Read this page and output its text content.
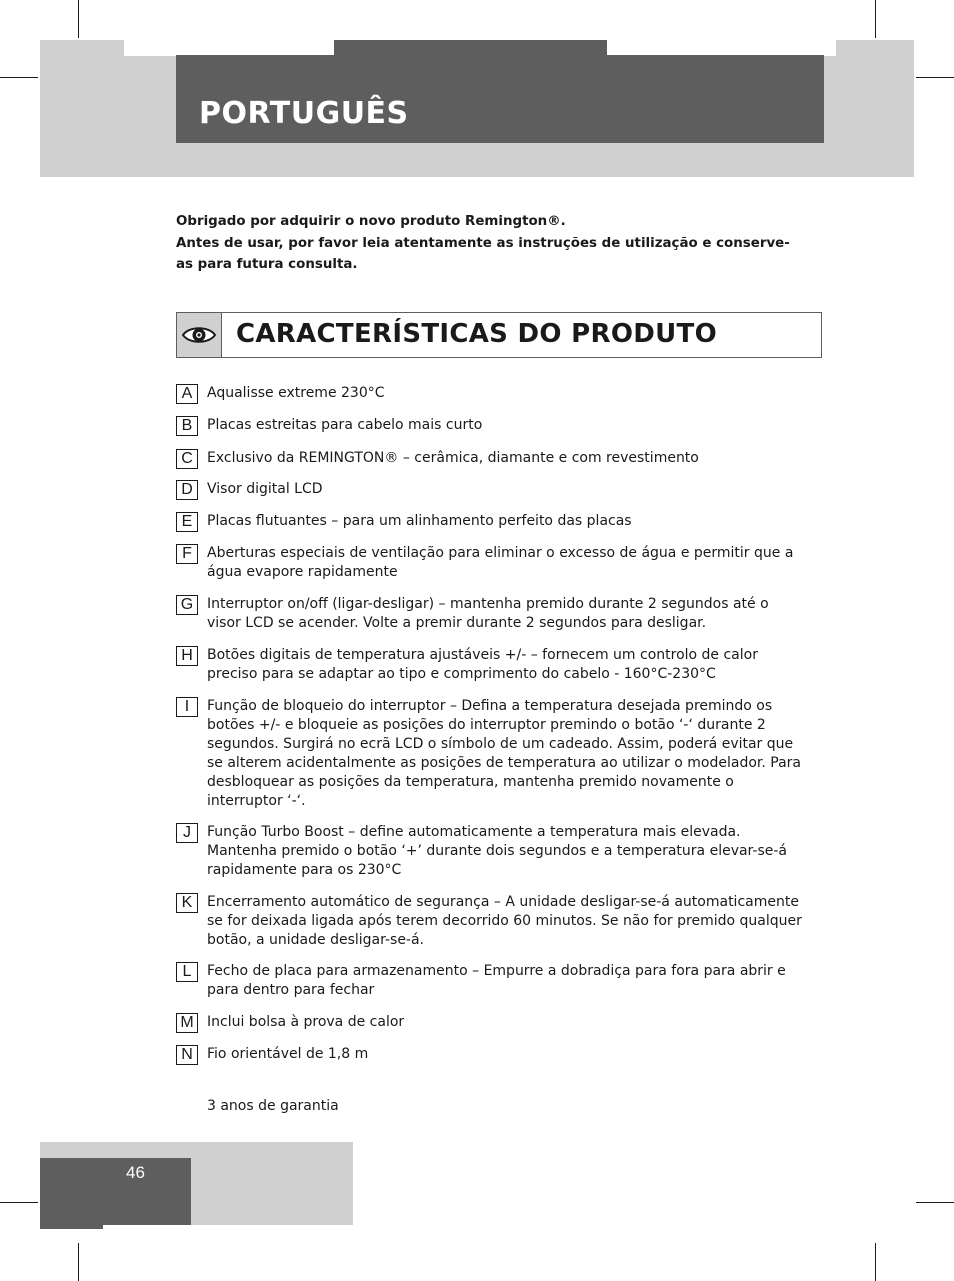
PORTUGUÊS

Obrigado por adquirir o novo produto Remington®.

Antes de usar, por favor leia atentamente as instruções de utilização e conserve-as para futura consulta.

CARACTERÍSTICAS DO PRODUTO
A	Aqualisse extreme 230°C
B	Placas estreitas para cabelo mais curto
C	Exclusivo da REMINGTON® – cerâmica, diamante e com revestimento
D	Visor digital LCD
E	Placas flutuantes – para um alinhamento perfeito das placas
F	Aberturas especiais de ventilação para eliminar o excesso de água e permitir que a água evapore rapidamente
G Interruptor on/off (ligar-desligar) – mantenha premido durante 2 segundos até o visor LCD se acender. Volte a premir durante 2 segundos para desligar.
H	Botões digitais de temperatura ajustáveis +/- – fornecem um controlo de calor preciso para se adaptar ao tipo e comprimento do cabelo - 160°C-230°C
I	Função de bloqueio do interruptor – Defina a temperatura desejada premindo os botões +/- e bloqueie as posições do interruptor premindo o botão ‘-‘ durante 2 segundos. Surgirá no ecrã LCD o símbolo de um cadeado. Assim, poderá evitar que se alterem acidentalmente as posições de temperatura ao utilizar o modelador. Para desbloquear as posições da temperatura, mantenha premido novamente o interruptor ‘-‘.
J	Função Turbo Boost – define automaticamente a temperatura mais elevada. Mantenha premido o botão ‘+’ durante dois segundos e a temperatura elevar-se-á rapidamente para os 230°C
K	Encerramento automático de segurança – A unidade desligar-se-á automaticamente se for deixada ligada após terem decorrido 60 minutos. Se não for premido qualquer botão, a unidade desligar-se-á.
L	Fecho de placa para armazenamento – Empurre a dobradiça para fora para abrir e para dentro para fechar
M Inclui bolsa à prova de calor
N	Fio orientável de 1,8 m
3 anos de garantia
46
